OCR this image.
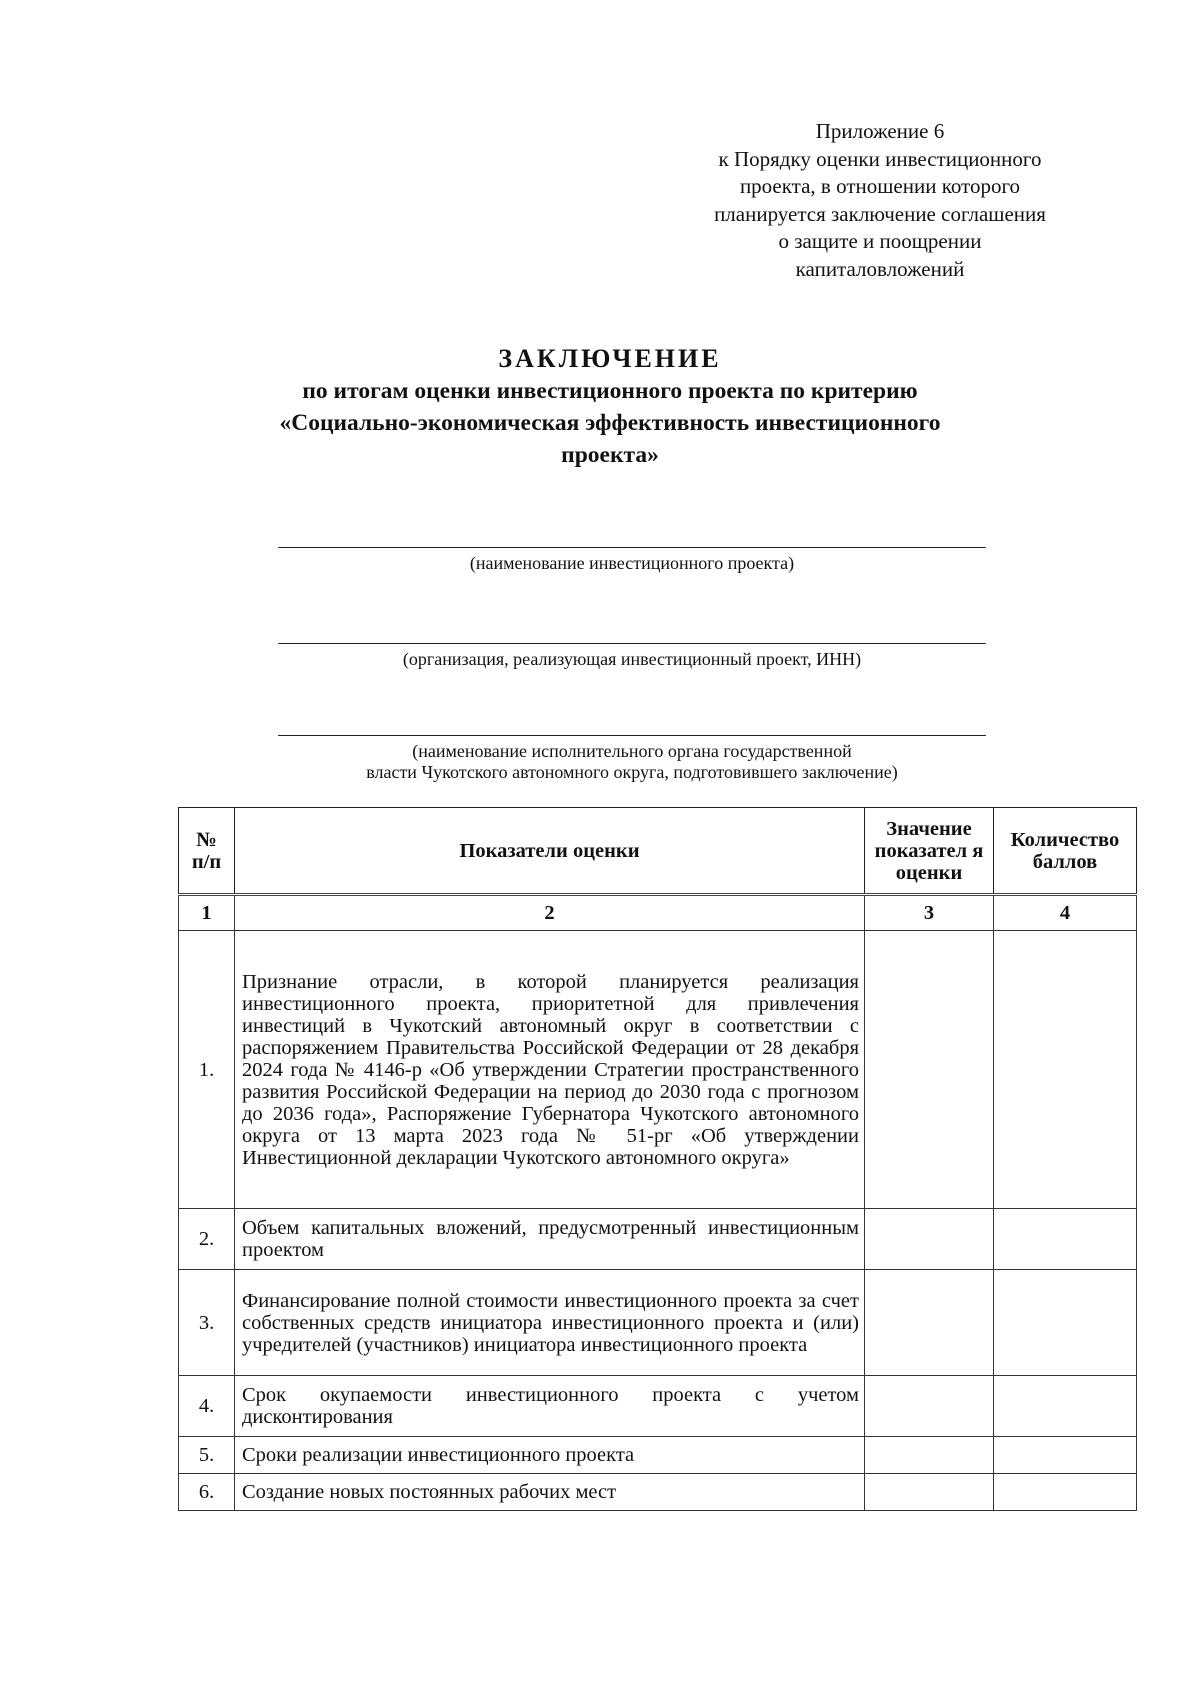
Приложение 6
к Порядку оценки инвестиционного
проекта, в отношении которого
планируется заключение соглашения
о защите и поощрении
капиталовложений
ЗАКЛЮЧЕНИЕ
по итогам оценки инвестиционного проекта по критерию
«Социально-экономическая эффективность инвестиционного
проекта»
(наименование инвестиционного проекта)
(организация, реализующая инвестиционный проект, ИНН)
(наименование исполнительного органа государственной
власти Чукотского автономного округа, подготовившего заключение)
№ п/п	Показатели оценки	Значение показател я оценки	Количество баллов
1	2	3	4
1.	Признание отрасли, в которой планируется реализация инвестиционного проекта, приоритетной для привлечения инвестиций в Чукотский автономный округ в соответствии с распоряжением Правительства Российской Федерации от 28 декабря 2024 года № 4146-р «Об утверждении Стратегии пространственного развития Российской Федерации на период до 2030 года с прогнозом до 2036 года», Распоряжение Губернатора Чукотского автономного округа от 13 марта 2023 года № 51-рг «Об утверждении Инвестиционной декларации Чукотского автономного округа»		

2.	Объем капитальных вложений, предусмотренный инвестиционным проектом		

3.	Финансирование полной стоимости инвестиционного проекта за счет собственных средств инициатора инвестиционного проекта и (или) учредителей (участников) инициатора инвестиционного проекта		

4.	Срок окупаемости инвестиционного проекта с учетом дисконтирования		

5.	Сроки реализации инвестиционного проекта		

6.	Создание новых постоянных рабочих мест		
